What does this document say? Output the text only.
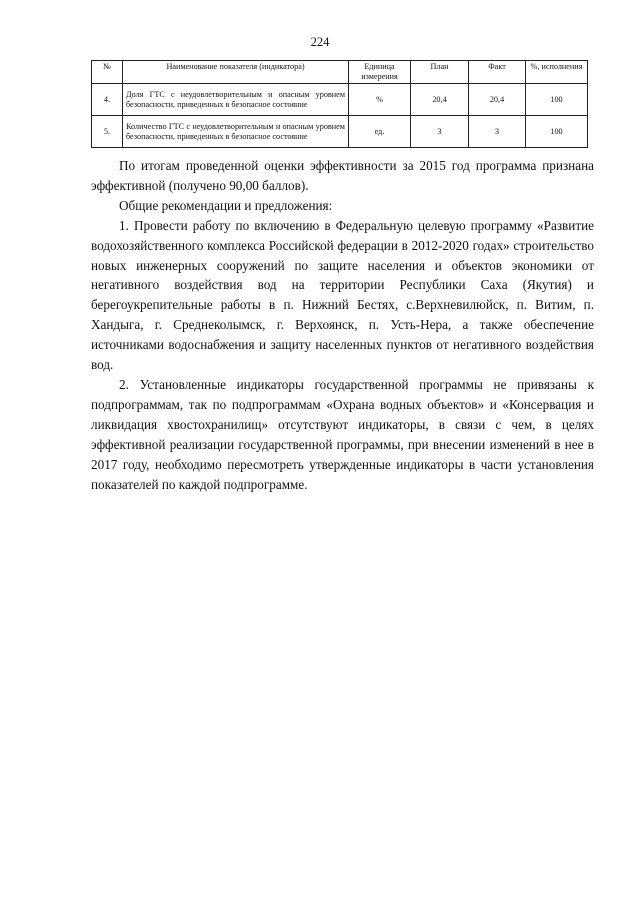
224
№	Наименование показателя (индикатора)	Единица измерения	План	Факт	%, исполнения
4.	Доля ГТС с неудовлетворительным и опасным уровнем безопасности, приведенных в безопасное состояние	%	20,4	20,4	100
5.	Количество ГТС с неудовлетворительным и опасным уровнем безопасности, приведенных в безопасное состояние	ед.	3	3	100

По итогам проведенной оценки эффективности за 2015 год программа признана эффективной (получено 90,00 баллов).

Общие рекомендации и предложения:

1. Провести работу по включению в Федеральную целевую программу «Развитие водохозяйственного комплекса Российской федерации в 2012-2020 годах» строительство новых инженерных сооружений по защите населения и объектов экономики от негативного воздействия вод на территории Республики Саха (Якутия) и берегоукрепительные работы в п. Нижний Бестях, с.Верхневилюйск, п. Витим, п. Хандыга, г. Среднеколымск, г. Верхоянск, п. Усть-Нера, а также обеспечение источниками водоснабжения и защиту населенных пунктов от негативного воздействия вод.

2. Установленные индикаторы государственной программы не привязаны к подпрограммам, так по подпрограммам «Охрана водных объектов» и «Консервация и ликвидация хвостохранилищ» отсутствуют индикаторы, в связи с чем, в целях эффективной реализации государственной программы, при внесении изменений в нее в 2017 году, необходимо пересмотреть утвержденные индикаторы в части установления показателей по каждой подпрограмме.
